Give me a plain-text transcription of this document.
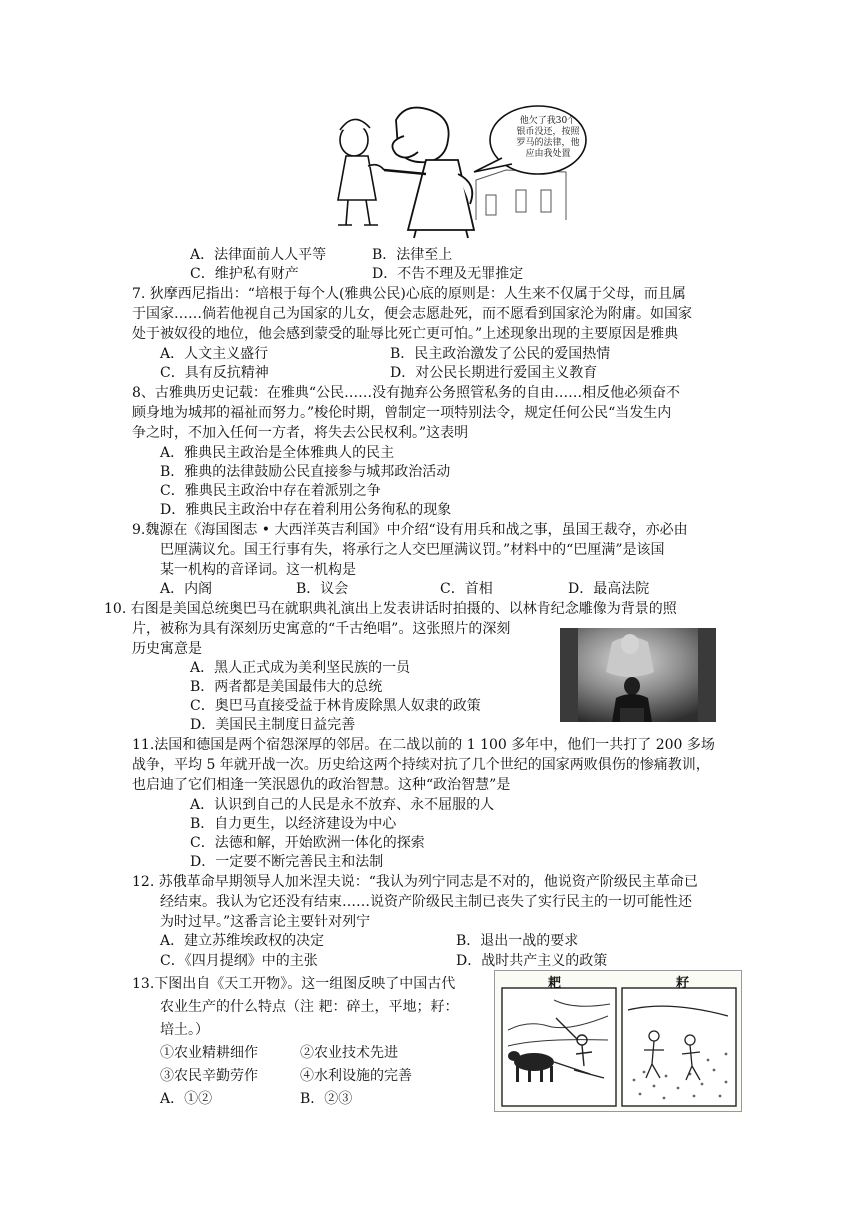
他欠了我30个
银币没还，按照
罗马的法律，他
应由我处置
A．法律面前人人平等	B．法律至上
C．维护私有财产	D．不告不理及无罪推定
7. 狄摩西尼指出：“培根于每个人(雅典公民)心底的原则是：人生来不仅属于父母，而且属
于国家……倘若他视自己为国家的儿女，便会志愿赴死，而不愿看到国家沦为附庸。如国家
处于被奴役的地位，他会感到蒙受的耻辱比死亡更可怕。”上述现象出现的主要原因是雅典
A．人文主义盛行	B．民主政治激发了公民的爱国热情
C．具有反抗精神	D．对公民长期进行爱国主义教育
8、古雅典历史记载：在雅典“公民……没有抛弃公务照管私务的自由……相反他必须奋不
顾身地为城邦的福祉而努力。”梭伦时期，曾制定一项特别法令，规定任何公民“当发生内
争之时，不加入任何一方者，将失去公民权利。”这表明
A．雅典民主政治是全体雅典人的民主
B．雅典的法律鼓励公民直接参与城邦政治活动
C．雅典民主政治中存在着派别之争
D．雅典民主政治中存在着利用公务徇私的现象
9.魏源在《海国图志 • 大西洋英吉利国》中介绍“设有用兵和战之事，虽国王裁夺，亦必由
巴厘满议允。国王行事有失，将承行之人交巴厘满议罚。”材料中的“巴厘满”是该国
某一机构的音译词。这一机构是
A．内阁	B．议会	C．首相	D．最高法院
10. 右图是美国总统奥巴马在就职典礼演出上发表讲话时拍摄的、以林肯纪念雕像为背景的照
片，被称为具有深刻历史寓意的“千古绝唱”。这张照片的深刻
历史寓意是
A．黑人正式成为美利坚民族的一员
B．两者都是美国最伟大的总统
C．奥巴马直接受益于林肯废除黑人奴隶的政策
D．美国民主制度日益完善
11.法国和德国是两个宿怨深厚的邻居。在二战以前的 1 100 多年中，他们一共打了 200 多场
战争，平均 5 年就开战一次。历史给这两个持续对抗了几个世纪的国家两败俱伤的惨痛教训，
也启迪了它们相逢一笑泯恩仇的政治智慧。这种“政治智慧”是
A．认识到自己的人民是永不放弃、永不屈服的人
B．自力更生，以经济建设为中心
C．法德和解，开始欧洲一体化的探索
D．一定要不断完善民主和法制
12. 苏俄革命早期领导人加米涅夫说：“我认为列宁同志是不对的，他说资产阶级民主革命已
经结束。我认为它还没有结束……说资产阶级民主制已丧失了实行民主的一切可能性还
为时过早。”这番言论主要针对列宁
A．建立苏维埃政权的决定	B．退出一战的要求
C．《四月提纲》中的主张	D．战时共产主义的政策
13.下图出自《天工开物》。这一组图反映了中国古代
农业生产的什么特点（注 耙：碎土，平地；耔：
培土。）
①农业精耕细作	②农业技术先进
③农民辛勤劳作	④水利设施的完善
A．①②	B．②③
耙	耔
